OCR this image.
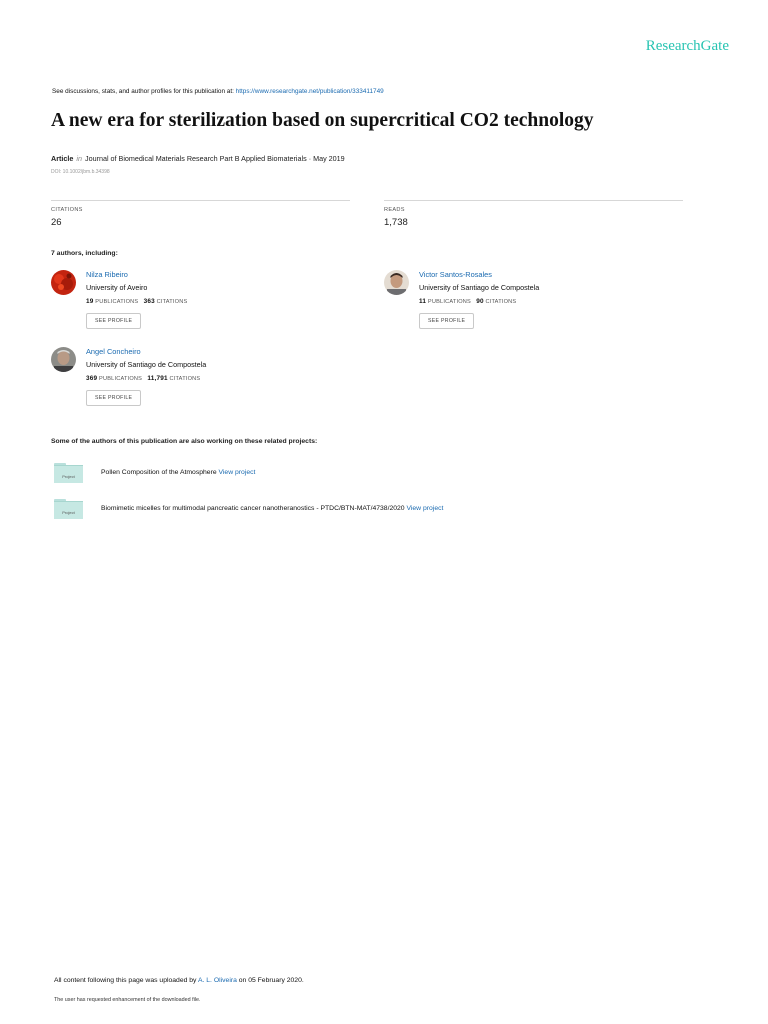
ResearchGate
See discussions, stats, and author profiles for this publication at: https://www.researchgate.net/publication/333411749
A new era for sterilization based on supercritical CO2 technology
Article in Journal of Biomedical Materials Research Part B Applied Biomaterials · May 2019
DOI: 10.1002/jbm.b.34398
CITATIONS
26
READS
1,738
7 authors, including:
Nilza Ribeiro
University of Aveiro
19 PUBLICATIONS 363 CITATIONS
SEE PROFILE
Victor Santos-Rosales
University of Santiago de Compostela
11 PUBLICATIONS 90 CITATIONS
SEE PROFILE
Angel Concheiro
University of Santiago de Compostela
369 PUBLICATIONS 11,791 CITATIONS
SEE PROFILE
Some of the authors of this publication are also working on these related projects:
Project
Pollen Composition of the Atmosphere View project
Project
Biomimetic micelles for multimodal pancreatic cancer nanotheranostics - PTDC/BTN-MAT/4738/2020 View project
All content following this page was uploaded by A. L. Oliveira on 05 February 2020.
The user has requested enhancement of the downloaded file.
